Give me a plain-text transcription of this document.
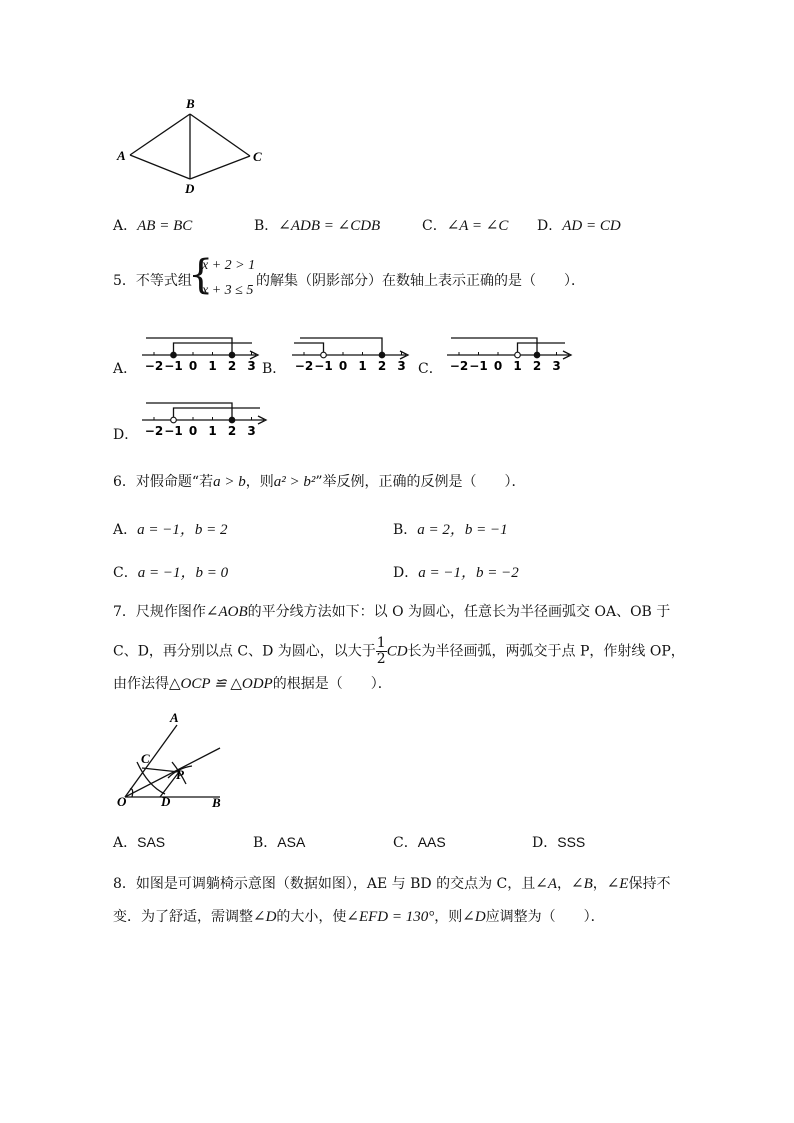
A
B
C
D
A．AB = BC	B．∠ADB = ∠CDB	C．∠A = ∠C D．AD = CD
5．不等式组
{
x + 2 > 1
x + 3 ≤ 5
的解集（阴影部分）在数轴上表示正确的是（　　）．
A．	B．	C．
D．
−2 −1 0 1 2 3	−2 −1 0 1 2 3	−2 −1 0 1 2 3
−2 −1 0 1 2 3
6．对假命题“若a > b，则a² > b²”举反例，正确的反例是（　　）．
A．a = −1，b = 2	B．a = 2，b = −1
C．a = −1，b = 0	D．a = −1，b = −2
7．尺规作图作∠AOB的平分线方法如下：以 O 为圆心，任意长为半径画弧交 OA、OB 于
C、D，再分别以点 C、D 为圆心，以大于 $\frac{1}{2}$ CD长为半径画弧，两弧交于点 P，作射线 OP，
由作法得△OCP ≌ △ODP的根据是（　　）．
A
C
P
O	D	B
A．SAS	B．ASA	C．AAS	D．SSS
8．如图是可调躺椅示意图（数据如图），AE 与 BD 的交点为 C，且∠A，∠B，∠E保持不
变．为了舒适，需调整∠D的大小，使∠EFD = 130°，则∠D应调整为（　　）．
